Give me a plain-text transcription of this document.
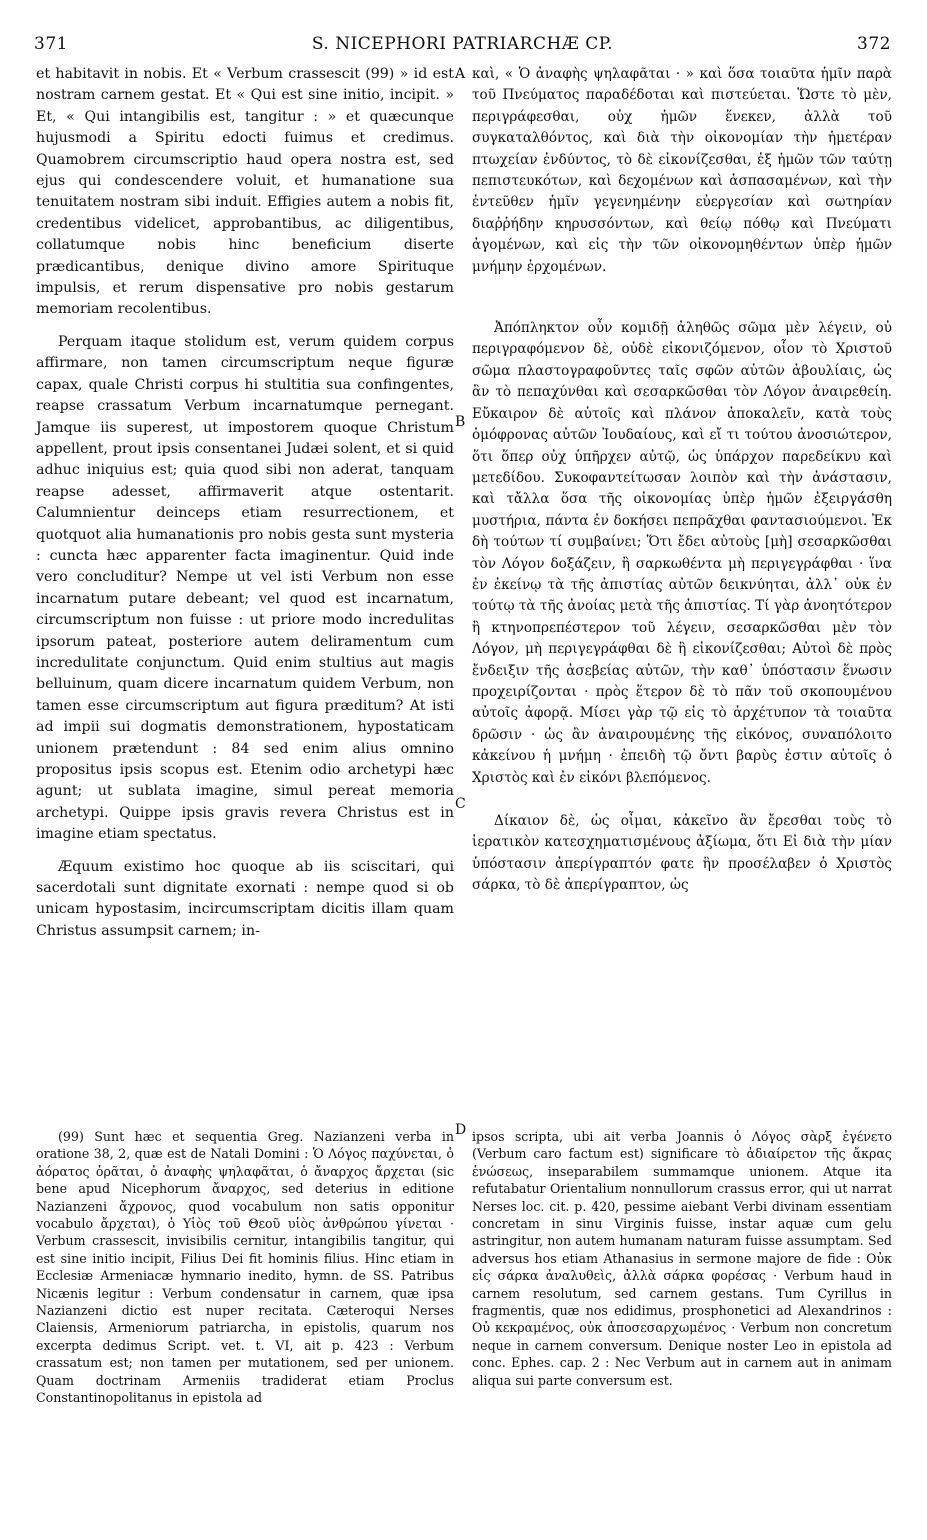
371	S. NICEPHORI PATRIARCHÆ CP.	372
A
B
C
D

et habitavit in nobis. Et « Verbum crassescit (99) » id est nostram carnem gestat. Et « Qui est sine initio, incipit. » Et, « Qui intangibilis est, tangitur : » et quæcunque hujusmodi a Spiritu edocti fuimus et credimus. Quamobrem circumscriptio haud opera nostra est, sed ejus qui condescendere voluit, et humanatione sua tenuitatem nostram sibi induit. Effigies autem a nobis fit, credentibus videlicet, approbantibus, ac diligentibus, collatumque nobis hinc beneficium diserte prædicantibus, denique divino amore Spirituque impulsis, et rerum dispensative pro nobis gestarum memoriam recolentibus.

Perquam itaque stolidum est, verum quidem corpus affirmare, non tamen circumscriptum neque figuræ capax, quale Christi corpus hi stultitia sua confingentes, reapse crassatum Verbum incarnatumque pernegant. Jamque iis superest, ut impostorem quoque Christum appellent, prout ipsis consentanei Judæi solent, et si quid adhuc iniquius est; quia quod sibi non aderat, tanquam reapse adesset, affirmaverit atque ostentarit. Calumnientur deinceps etiam resurrectionem, et quotquot alia humanationis pro nobis gesta sunt mysteria : cuncta hæc apparenter facta imaginentur. Quid inde vero concluditur? Nempe ut vel isti Verbum non esse incarnatum putare debeant; vel quod est incarnatum, circumscriptum non fuisse : ut priore modo incredulitas ipsorum pateat, posteriore autem deliramentum cum incredulitate conjunctum. Quid enim stultius aut magis belluinum, quam dicere incarnatum quidem Verbum, non tamen esse circumscriptum aut figura præditum? At isti ad impii sui dogmatis demonstrationem, hypostaticam unionem prætendunt : 84 sed enim alius omnino propositus ipsis scopus est. Etenim odio archetypi hæc agunt; ut sublata imagine, simul pereat memoria archetypi. Quippe ipsis gravis revera Christus est in imagine etiam spectatus.

Æquum existimo hoc quoque ab iis sciscitari, qui sacerdotali sunt dignitate exornati : nempe quod si ob unicam hypostasim, incircumscriptam dicitis illam quam Christus assumpsit carnem; in-

καὶ, « Ὁ ἀναφὴς ψηλαφᾶται · » καὶ ὅσα τοιαῦτα ἡμῖν παρὰ τοῦ Πνεύματος παραδέδοται καὶ πιστεύεται. Ὥστε τὸ μὲν, περιγράφεσθαι, οὐχ ἡμῶν ἕνεκεν, ἀλλὰ τοῦ συγκαταλθόντος, καὶ διὰ τὴν οἰκονομίαν τὴν ἡμετέραν πτωχείαν ἐνδύντος, τὸ δὲ εἰκονίζεσθαι, ἐξ ἡμῶν τῶν ταύτῃ πεπιστευκότων, καὶ δεχομένων καὶ ἀσπασαμένων, καὶ τὴν ἐντεῦθεν ἡμῖν γεγενημένην εὐεργεσίαν καὶ σωτηρίαν διαῤῥήδην κηρυσσόντων, καὶ θείῳ πόθῳ καὶ Πνεύματι ἀγομένων, καὶ εἰς τὴν τῶν οἰκονομηθέντων ὑπὲρ ἡμῶν μνήμην ἐρχομένων.

Ἀπόπληκτον οὖν κομιδῇ ἀληθῶς σῶμα μὲν λέγειν, οὐ περιγραφόμενον δὲ, οὐδὲ εἰκονιζόμενον, οἷον τὸ Χριστοῦ σῶμα πλαστογραφοῦντες ταῖς σφῶν αὐτῶν ἀβουλίαις, ὡς ἂν τὸ πεπαχύνθαι καὶ σεσαρκῶσθαι τὸν Λόγον ἀναιρεθείη. Εὔκαιρον δὲ αὐτοῖς καὶ πλάνον ἀποκαλεῖν, κατὰ τοὺς ὁμόφρονας αὐτῶν Ἰουδαίους, καὶ εἴ τι τούτου ἀνοσιώτερον, ὅτι ὅπερ οὐχ ὑπῆρχεν αὐτῷ, ὡς ὑπάρχον παρεδείκνυ καὶ μετεδίδου. Συκοφαντείτωσαν λοιπὸν καὶ τὴν ἀνάστασιν, καὶ τἄλλα ὅσα τῆς οἰκονομίας ὑπὲρ ἡμῶν ἐξειργάσθη μυστήρια, πάντα ἐν δοκήσει πεπρᾶχθαι φαντασιούμενοι. Ἐκ δὴ τούτων τί συμβαίνει; Ὅτι ἔδει αὐτοὺς [μὴ] σεσαρκῶσθαι τὸν Λόγον δοξάζειν, ἢ σαρκωθέντα μὴ περιγεγράφθαι · ἵνα ἐν ἐκείνῳ τὰ τῆς ἀπιστίας αὐτῶν δεικνύηται, ἀλλ᾽ οὐκ ἐν τούτῳ τὰ τῆς ἀνοίας μετὰ τῆς ἀπιστίας. Τί γὰρ ἀνοητότερον ἢ κτηνοπρεπέστερον τοῦ λέγειν, σεσαρκῶσθαι μὲν τὸν Λόγον, μὴ περιγεγράφθαι δὲ ἢ εἰκονίζεσθαι; Αὐτοὶ δὲ πρὸς ἔνδειξιν τῆς ἀσεβείας αὐτῶν, τὴν καθ᾽ ὑπόστασιν ἕνωσιν προχειρίζονται · πρὸς ἕτερον δὲ τὸ πᾶν τοῦ σκοπουμένου αὐτοῖς ἀφορᾷ. Μίσει γὰρ τῷ εἰς τὸ ἀρχέτυπον τὰ τοιαῦτα δρῶσιν · ὡς ἂν ἀναιρουμένης τῆς εἰκόνος, συναπόλοιτο κἀκείνου ἡ μνήμη · ἐπειδὴ τῷ ὄντι βαρὺς ἐστιν αὐτοῖς ὁ Χριστὸς καὶ ἐν εἰκόνι βλεπόμενος.

Δίκαιον δὲ, ὡς οἶμαι, κἀκεῖνο ἂν ἔρεσθαι τοὺς τὸ ἱερατικὸν κατεσχηματισμένους ἀξίωμα, ὅτι Εἰ διὰ τὴν μίαν ὑπόστασιν ἀπερίγραπτόν φατε ἣν προσέλαβεν ὁ Χριστὸς σάρκα, τὸ δὲ ἀπερίγραπτον, ὡς

(99) Sunt hæc et sequentia Greg. Nazianzeni verba in oratione 38, 2, quæ est de Natali Domini : Ὁ Λόγος παχύνεται, ὁ ἀόρατος ὁρᾶται, ὁ ἀναφὴς ψηλαφᾶται, ὁ ἄναρχος ἄρχεται (sic bene apud Nicephorum ἄναρχος, sed deterius in editione Nazianzeni ἄχρονος, quod vocabulum non satis opponitur vocabulo ἄρχεται), ὁ Υἱὸς τοῦ Θεοῦ υἱὸς ἀνθρώπου γίνεται · Verbum crassescit, invisibilis cernitur, intangibilis tangitur, qui est sine initio incipit, Filius Dei fit hominis filius. Hinc etiam in Ecclesiæ Armeniacæ hymnario inedito, hymn. de SS. Patribus Nicænis legitur : Verbum condensatur in carnem, quæ ipsa Nazianzeni dictio est nuper recitata. Cæteroqui Nerses Claiensis, Armeniorum patriarcha, in epistolis, quarum nos excerpta dedimus Script. vet. t. VI, ait p. 423 : Verbum crassatum est; non tamen per mutationem, sed per unionem. Quam doctrinam Armeniis tradiderat etiam Proclus Constantinopolitanus in epistola ad

ipsos scripta, ubi ait verba Joannis ὁ Λόγος σὰρξ ἐγένετο (Verbum caro factum est) significare τὸ ἀδιαίρετον τῆς ἄκρας ἑνώσεως, inseparabilem summamque unionem. Atque ita refutabatur Orientalium nonnullorum crassus error, qui ut narrat Nerses loc. cit. p. 420, pessime aiebant Verbi divinam essentiam concretam in sinu Virginis fuisse, instar aquæ cum gelu astringitur, non autem humanam naturam fuisse assumptam. Sed adversus hos etiam Athanasius in sermone majore de fide : Οὐκ εἰς σάρκα ἀναλυθεὶς, ἀλλὰ σάρκα φορέσας · Verbum haud in carnem resolutum, sed carnem gestans. Tum Cyrillus in fragmentis, quæ nos edidimus, prosphonetici ad Alexandrinos : Οὐ κεκραμένος, οὐκ ἀποσεσαρχωμένος · Verbum non concretum neque in carnem conversum. Denique noster Leo in epistola ad conc. Ephes. cap. 2 : Nec Verbum aut in carnem aut in animam aliqua sui parte conversum est.
